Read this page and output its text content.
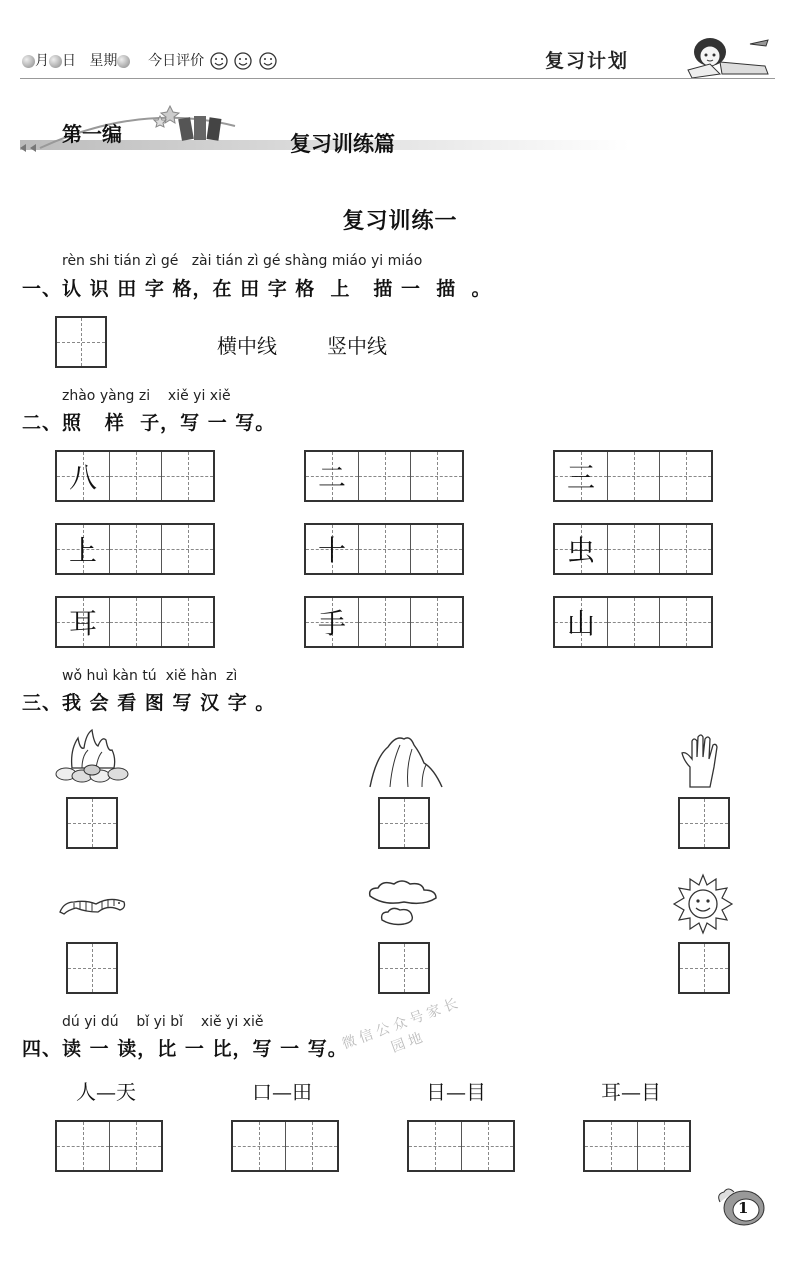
月 日 星期 今日评价	复习计划
第一编	复习训练篇
复习训练一
rèn shi tián zì gé   zài tián zì gé shàng miáo yi miáo
一、认 识 田 字 格，在 田 字 格  上   描 一  描  。
横中线	竖中线
zhào yàng zi    xiě yi xiě
二、照   样  子，写 一 写。
八	二	三
上	十	虫
耳	手	山
wǒ huì kàn tú  xiě hàn  zì
三、我 会 看 图 写 汉 字 。
微信公众号家长园地
dú yi dú    bǐ yi bǐ    xiě yi xiě
四、读 一 读，比 一 比，写 一 写。
人—天	口—田	日—目	耳—目
1
